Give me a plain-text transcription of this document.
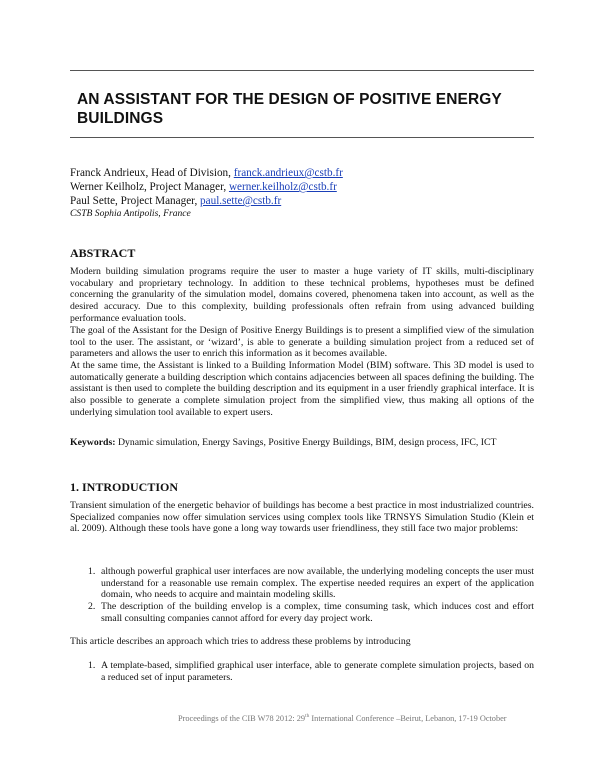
AN ASSISTANT FOR THE DESIGN OF POSITIVE ENERGY BUILDINGS
Franck Andrieux, Head of Division, franck.andrieux@cstb.fr
Werner Keilholz, Project Manager, werner.keilholz@cstb.fr
Paul Sette, Project Manager, paul.sette@cstb.fr
CSTB Sophia Antipolis, France
ABSTRACT

Modern building simulation programs require the user to master a huge variety of IT skills, multi-disciplinary vocabulary and proprietary technology. In addition to these technical problems, hypotheses must be defined concerning the granularity of the simulation model, domains covered, phenomena taken into account, as well as the desired accuracy. Due to this complexity, building professionals often refrain from using advanced building performance evaluation tools.

The goal of the Assistant for the Design of Positive Energy Buildings is to present a simplified view of the simulation tool to the user. The assistant, or ‘wizard’, is able to generate a building simulation project from a reduced set of parameters and allows the user to enrich this information as it becomes available.

At the same time, the Assistant is linked to a Building Information Model (BIM) software. This 3D model is used to automatically generate a building description which contains adjacencies between all spaces defining the building. The assistant is then used to complete the building description and its equipment in a user friendly graphical interface. It is also possible to generate a complete simulation project from the simplified view, thus making all options of the underlying simulation tool available to expert users.

Keywords: Dynamic simulation, Energy Savings, Positive Energy Buildings, BIM, design process, IFC, ICT

1. INTRODUCTION

Transient simulation of the energetic behavior of buildings has become a best practice in most industrialized countries. Specialized companies now offer simulation services using complex tools like TRNSYS Simulation Studio (Klein et al. 2009). Although these tools have gone a long way towards user friendliness, they still face two major problems:

1. although powerful graphical user interfaces are now available, the underlying modeling concepts the user must understand for a reasonable use remain complex. The expertise needed requires an expert of the application domain, who needs to acquire and maintain modeling skills.
2. The description of the building envelop is a complex, time consuming task, which induces cost and effort small consulting companies cannot afford for every day project work.

This article describes an approach which tries to address these problems by introducing

1. A template-based, simplified graphical user interface, able to generate complete simulation projects, based on a reduced set of input parameters.
Proceedings of the CIB W78 2012: 29th International Conference –Beirut, Lebanon, 17-19 October
